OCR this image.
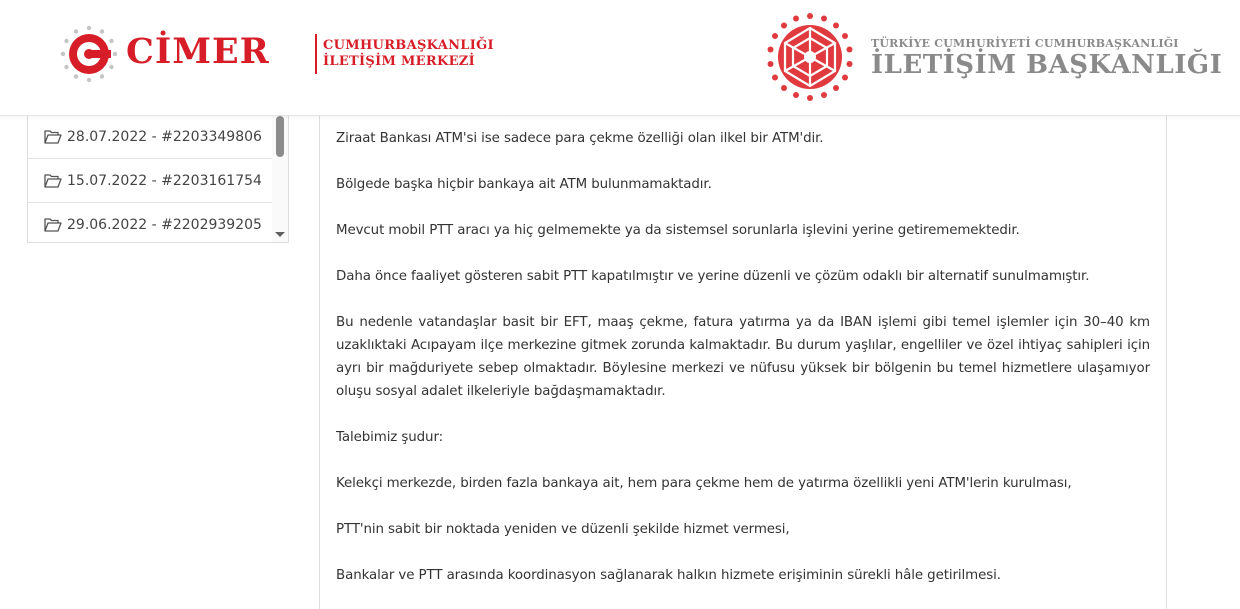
CİMER	CUMHURBAŞKANLIĞI
İLETİŞİM MERKEZİ
TÜRKİYE CUMHURİYETİ CUMHURBAŞKANLIĞI
İLETİŞİM BAŞKANLIĞI
28.07.2022 - #2203349806
15.07.2022 - #2203161754
29.06.2022 - #2202939205

Ziraat Bankası ATM'si ise sadece para çekme özelliği olan ilkel bir ATM'dir.

Bölgede başka hiçbir bankaya ait ATM bulunmamaktadır.

Mevcut mobil PTT aracı ya hiç gelmemekte ya da sistemsel sorunlarla işlevini yerine getirememektedir.

Daha önce faaliyet gösteren sabit PTT kapatılmıştır ve yerine düzenli ve çözüm odaklı bir alternatif sunulmamıştır.

Bu nedenle vatandaşlar basit bir EFT, maaş çekme, fatura yatırma ya da IBAN işlemi gibi temel işlemler için 30–40 km uzaklıktaki Acıpayam ilçe merkezine gitmek zorunda kalmaktadır. Bu durum yaşlılar, engelliler ve özel ihtiyaç sahipleri için ayrı bir mağduriyete sebep olmaktadır. Böylesine merkezi ve nüfusu yüksek bir bölgenin bu temel hizmetlere ulaşamıyor oluşu sosyal adalet ilkeleriyle bağdaşmamaktadır.

Talebimiz şudur:

Kelekçi merkezde, birden fazla bankaya ait, hem para çekme hem de yatırma özellikli yeni ATM'lerin kurulması,

PTT'nin sabit bir noktada yeniden ve düzenli şekilde hizmet vermesi,

Bankalar ve PTT arasında koordinasyon sağlanarak halkın hizmete erişiminin sürekli hâle getirilmesi.
